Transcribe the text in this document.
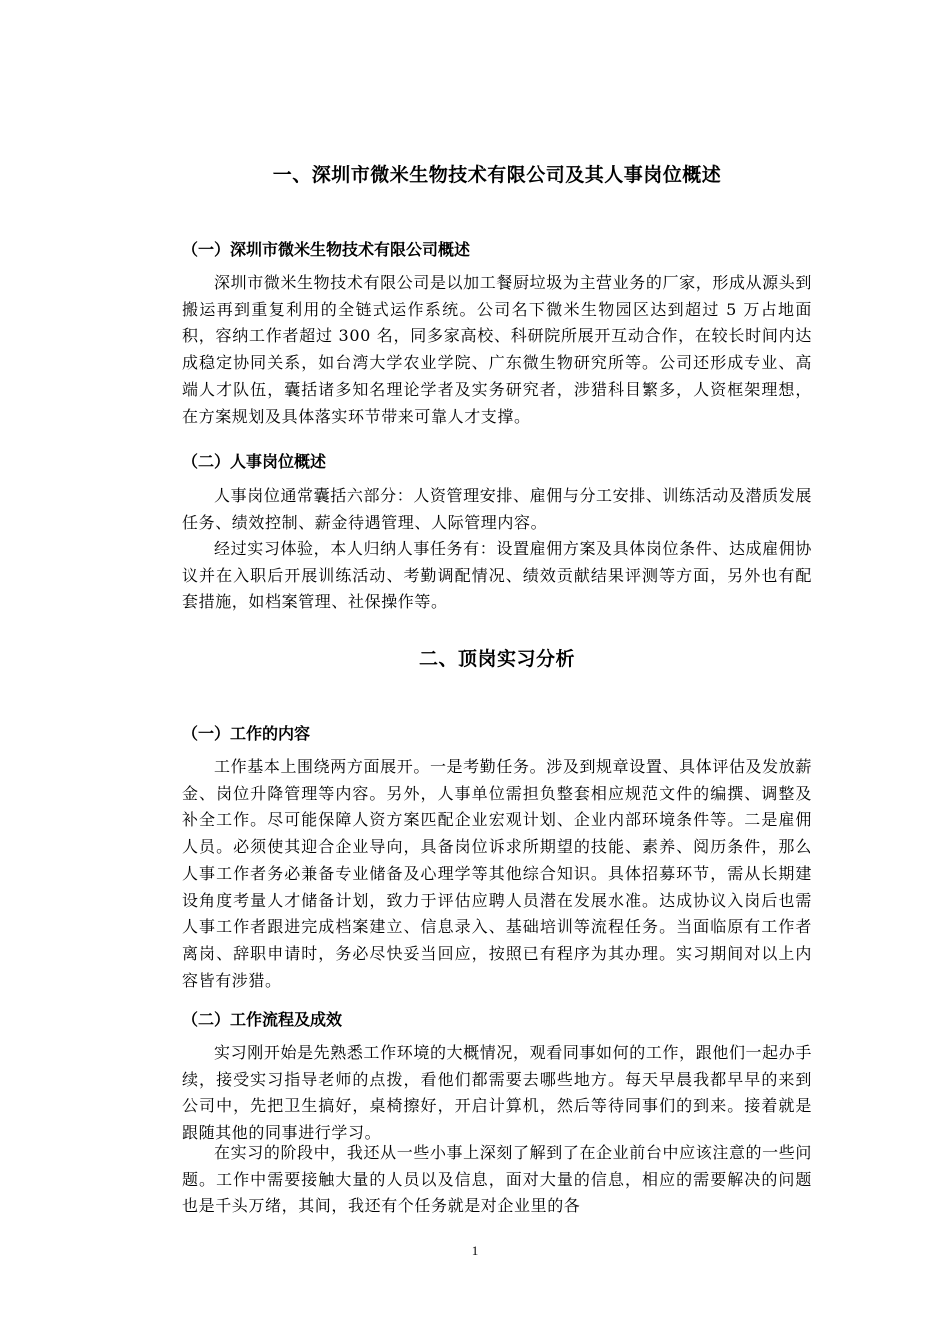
一、深圳市微米生物技术有限公司及其人事岗位概述
（一）深圳市微米生物技术有限公司概述
深圳市微米生物技术有限公司是以加工餐厨垃圾为主营业务的厂家，形成从源头到搬运再到重复利用的全链式运作系统。公司名下微米生物园区达到超过 5 万占地面积，容纳工作者超过 300 名，同多家高校、科研院所展开互动合作，在较长时间内达成稳定协同关系，如台湾大学农业学院、广东微生物研究所等。公司还形成专业、高端人才队伍，囊括诸多知名理论学者及实务研究者，涉猎科目繁多，人资框架理想，在方案规划及具体落实环节带来可靠人才支撑。
（二）人事岗位概述
人事岗位通常囊括六部分：人资管理安排、雇佣与分工安排、训练活动及潜质发展任务、绩效控制、薪金待遇管理、人际管理内容。
经过实习体验，本人归纳人事任务有：设置雇佣方案及具体岗位条件、达成雇佣协议并在入职后开展训练活动、考勤调配情况、绩效贡献结果评测等方面，另外也有配套措施，如档案管理、社保操作等。
二、顶岗实习分析
（一）工作的内容
工作基本上围绕两方面展开。一是考勤任务。涉及到规章设置、具体评估及发放薪金、岗位升降管理等内容。另外，人事单位需担负整套相应规范文件的编撰、调整及补全工作。尽可能保障人资方案匹配企业宏观计划、企业内部环境条件等。二是雇佣人员。必须使其迎合企业导向，具备岗位诉求所期望的技能、素养、阅历条件，那么人事工作者务必兼备专业储备及心理学等其他综合知识。具体招募环节，需从长期建设角度考量人才储备计划，致力于评估应聘人员潜在发展水准。达成协议入岗后也需人事工作者跟进完成档案建立、信息录入、基础培训等流程任务。当面临原有工作者离岗、辞职申请时，务必尽快妥当回应，按照已有程序为其办理。实习期间对以上内容皆有涉猎。
（二）工作流程及成效
实习刚开始是先熟悉工作环境的大概情况，观看同事如何的工作，跟他们一起办手续，接受实习指导老师的点拨，看他们都需要去哪些地方。每天早晨我都早早的来到公司中，先把卫生搞好，桌椅擦好，开启计算机，然后等待同事们的到来。接着就是跟随其他的同事进行学习。
在实习的阶段中，我还从一些小事上深刻了解到了在企业前台中应该注意的一些问题。工作中需要接触大量的人员以及信息，面对大量的信息，相应的需要解决的问题也是千头万绪，其间，我还有个任务就是对企业里的各
1
